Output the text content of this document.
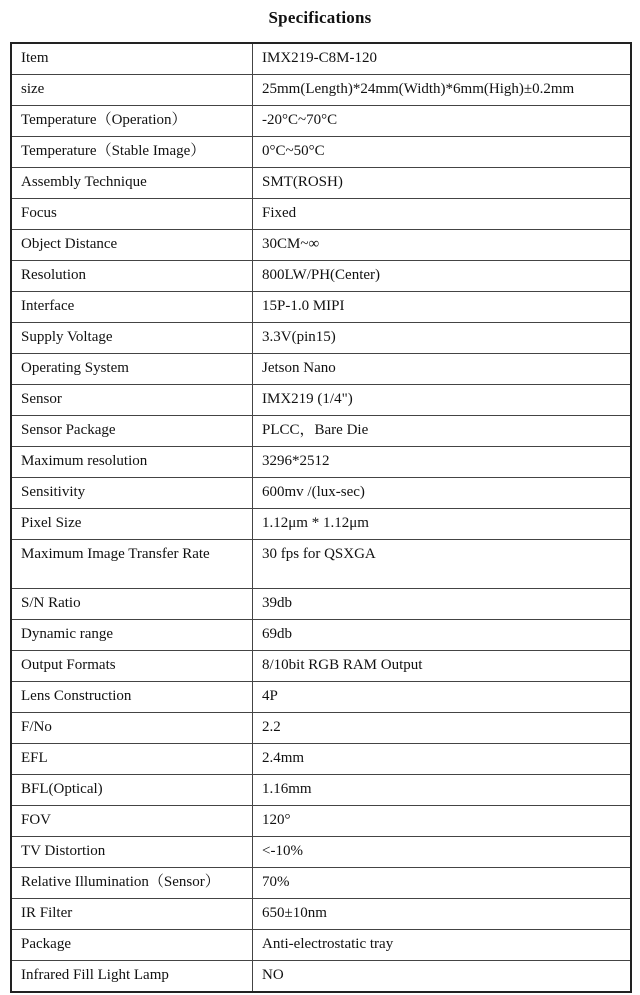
Specifications
Item	IMX219-C8M-120
size	25mm(Length)*24mm(Width)*6mm(High)±0.2mm
Temperature（Operation）	-20°C~70°C
Temperature（Stable Image）	0°C~50°C
Assembly Technique	SMT(ROSH)
Focus	Fixed
Object Distance	30CM~∞
Resolution	800LW/PH(Center)
Interface	15P-1.0 MIPI
Supply Voltage	3.3V(pin15)
Operating System	Jetson Nano
Sensor	IMX219 (1/4")
Sensor Package	PLCC，Bare Die
Maximum resolution	3296*2512
Sensitivity	600mv /(lux-sec)
Pixel Size	1.12μm * 1.12μm
Maximum Image Transfer Rate	30 fps for QSXGA
S/N Ratio	39db
Dynamic range	69db
Output Formats	8/10bit RGB RAM Output
Lens Construction	4P
F/No	2.2
EFL	2.4mm
BFL(Optical)	1.16mm
FOV	120°
TV Distortion	<-10%
Relative Illumination（Sensor）	70%
IR Filter	650±10nm
Package	Anti-electrostatic tray
Infrared Fill Light Lamp	NO
